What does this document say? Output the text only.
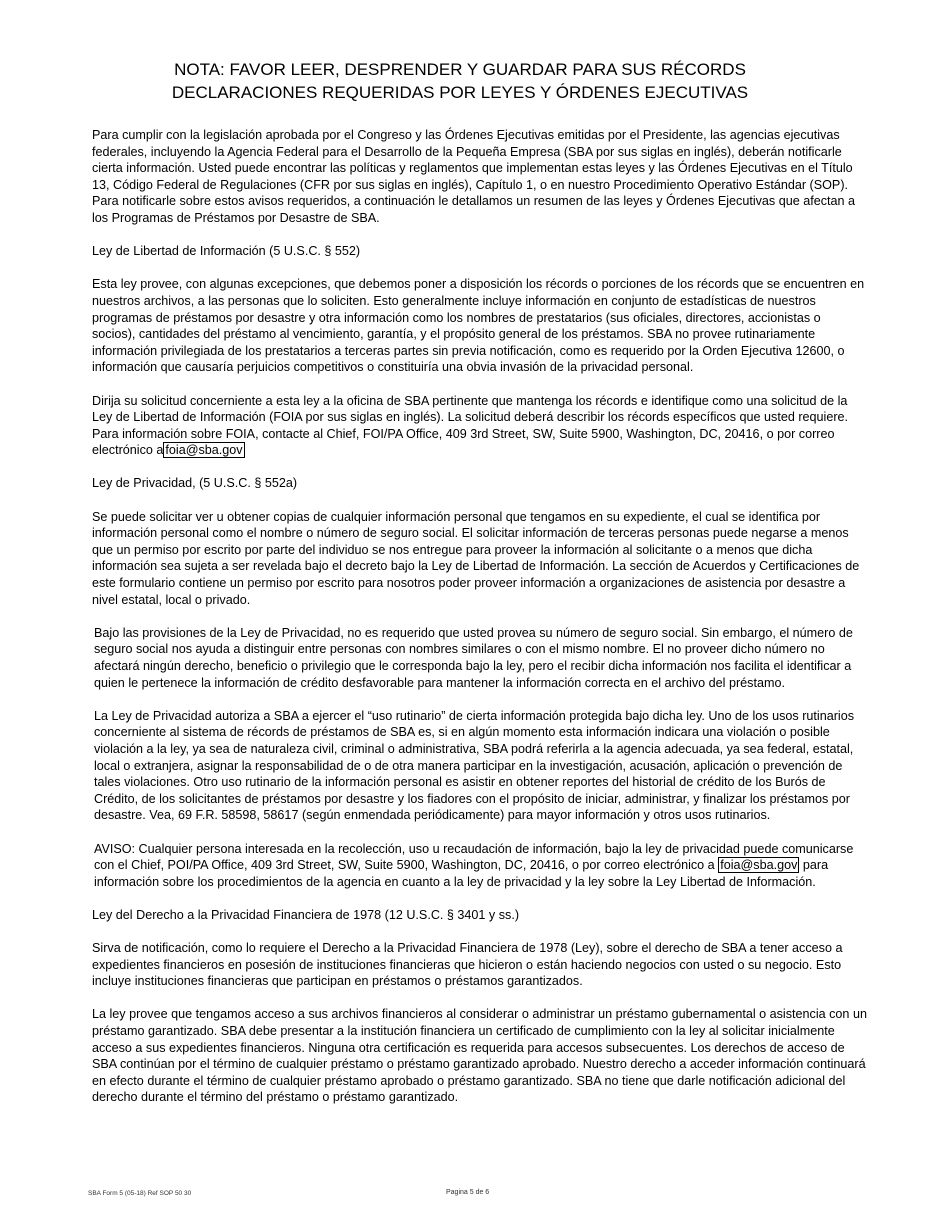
NOTA: FAVOR LEER, DESPRENDER Y GUARDAR PARA SUS RÉCORDS
DECLARACIONES REQUERIDAS POR LEYES Y ÓRDENES EJECUTIVAS

Para cumplir con la legislación aprobada por el Congreso y las Órdenes Ejecutivas emitidas por el Presidente, las agencias ejecutivas federales, incluyendo la Agencia Federal para el Desarrollo de la Pequeña Empresa (SBA por sus siglas en inglés), deberán notificarle cierta información. Usted puede encontrar las políticas y reglamentos que implementan estas leyes y las Órdenes Ejecutivas en el Título 13, Código Federal de Regulaciones (CFR por sus siglas en inglés), Capítulo 1, o en nuestro Procedimiento Operativo Estándar (SOP). Para notificarle sobre estos avisos requeridos, a continuación le detallamos un resumen de las leyes y Órdenes Ejecutivas que afectan a los Programas de Préstamos por Desastre de SBA.

Ley de Libertad de Información (5 U.S.C. § 552)

Esta ley provee, con algunas excepciones, que debemos poner a disposición los récords o porciones de los récords que se encuentren en nuestros archivos, a las personas que lo soliciten. Esto generalmente incluye información en conjunto de estadísticas de nuestros programas de préstamos por desastre y otra información como los nombres de prestatarios (sus oficiales, directores, accionistas o socios), cantidades del préstamo al vencimiento, garantía, y el propósito general de los préstamos. SBA no provee rutinariamente información privilegiada de los prestatarios a terceras partes sin previa notificación, como es requerido por la Orden Ejecutiva 12600, o información que causaría perjuicios competitivos o constituiría una obvia invasión de la privacidad personal.

Dirija su solicitud concerniente a esta ley a la oficina de SBA pertinente que mantenga los récords e identifique como una solicitud de la Ley de Libertad de Información (FOIA por sus siglas en inglés). La solicitud deberá describir los récords específicos que usted requiere. Para información sobre FOIA, contacte al Chief, FOI/PA Office, 409 3rd Street, SW, Suite 5900, Washington, DC, 20416, o por correo electrónico a foia@sba.gov

Ley de Privacidad, (5 U.S.C. § 552a)

Se puede solicitar ver u obtener copias de cualquier información personal que tengamos en su expediente, el cual se identifica por información personal como el nombre o número de seguro social. El solicitar información de terceras personas puede negarse a menos que un permiso por escrito por parte del individuo se nos entregue para proveer la información al solicitante o a menos que dicha información sea sujeta a ser revelada bajo el decreto bajo la Ley de Libertad de Información. La sección de Acuerdos y Certificaciones de este formulario contiene un permiso por escrito para nosotros poder proveer información a organizaciones de asistencia por desastre a nivel estatal, local o privado.

Bajo las provisiones de la Ley de Privacidad, no es requerido que usted provea su número de seguro social. Sin embargo, el número de seguro social nos ayuda a distinguir entre personas con nombres similares o con el mismo nombre. El no proveer dicho número no afectará ningún derecho, beneficio o privilegio que le corresponda bajo la ley, pero el recibir dicha información nos facilita el identificar a quien le pertenece la información de crédito desfavorable para mantener la información correcta en el archivo del préstamo.

La Ley de Privacidad autoriza a SBA a ejercer el “uso rutinario” de cierta información protegida bajo dicha ley. Uno de los usos rutinarios concerniente al sistema de récords de préstamos de SBA es, si en algún momento esta información indicara una violación o posible violación a la ley, ya sea de naturaleza civil, criminal o administrativa, SBA podrá referirla a la agencia adecuada, ya sea federal, estatal, local o extranjera, asignar la responsabilidad de o de otra manera participar en la investigación, acusación, aplicación o prevención de tales violaciones. Otro uso rutinario de la información personal es asistir en obtener reportes del historial de crédito de los Burós de Crédito, de los solicitantes de préstamos por desastre y los fiadores con el propósito de iniciar, administrar, y finalizar los préstamos por desastre. Vea, 69 F.R. 58598, 58617 (según enmendada periódicamente) para mayor información y otros usos rutinarios.

AVISO: Cualquier persona interesada en la recolección, uso u recaudación de información, bajo la ley de privacidad puede comunicarse con el Chief, POI/PA Office, 409 3rd Street, SW, Suite 5900, Washington, DC, 20416, o por correo electrónico a foia@sba.gov para información sobre los procedimientos de la agencia en cuanto a la ley de privacidad y la ley sobre la Ley Libertad de Información.

Ley del Derecho a la Privacidad Financiera de 1978 (12 U.S.C. § 3401 y ss.)

Sirva de notificación, como lo requiere el Derecho a la Privacidad Financiera de 1978 (Ley), sobre el derecho de SBA a tener acceso a expedientes financieros en posesión de instituciones financieras que hicieron o están haciendo negocios con usted o su negocio. Esto incluye instituciones financieras que participan en préstamos o préstamos garantizados.

La ley provee que tengamos acceso a sus archivos financieros al considerar o administrar un préstamo gubernamental o asistencia con un préstamo garantizado. SBA debe presentar a la institución financiera un certificado de cumplimiento con la ley al solicitar inicialmente acceso a sus expedientes financieros. Ninguna otra certificación es requerida para accesos subsecuentes. Los derechos de acceso de SBA continúan por el término de cualquier préstamo o préstamo garantizado aprobado. Nuestro derecho a acceder información continuará en efecto durante el término de cualquier préstamo aprobado o préstamo garantizado. SBA no tiene que darle notificación adicional del derecho durante el término del préstamo o préstamo garantizado.

SBA Form 5 (05-18) Ref SOP 50 30	Pagina 5 de 6
